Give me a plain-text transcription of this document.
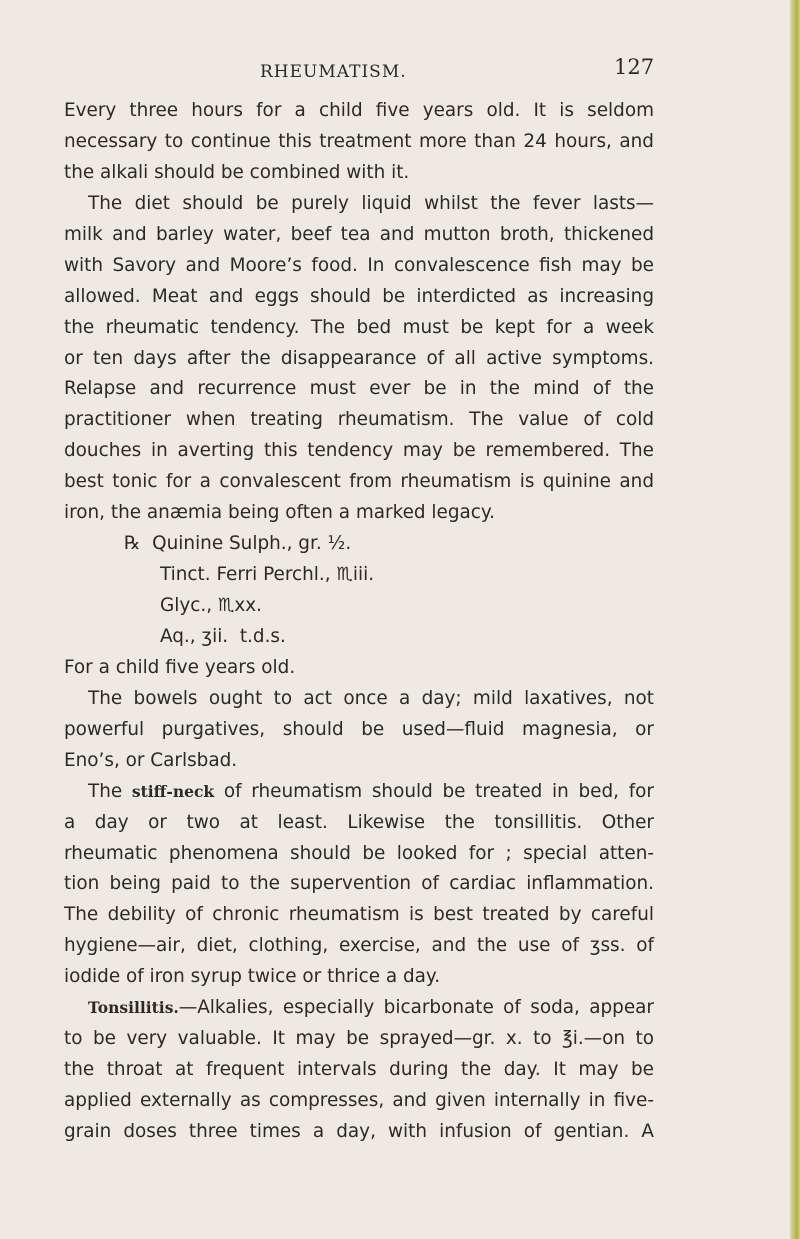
RHEUMATISM.	127
Every three hours for a child five years old. It is seldom
necessary to continue this treatment more than 24 hours, and
the alkali should be combined with it.
The diet should be purely liquid whilst the fever lasts—
milk and barley water, beef tea and mutton broth, thickened
with Savory and Moore’s food. In convalescence fish may be
allowed. Meat and eggs should be interdicted as increasing
the rheumatic tendency. The bed must be kept for a week
or ten days after the disappearance of all active symptoms.
Relapse and recurrence must ever be in the mind of the
practitioner when treating rheumatism. The value of cold
douches in averting this tendency may be remembered. The
best tonic for a convalescent from rheumatism is quinine and
iron, the anæmia being often a marked legacy.
℞  Quinine Sulph., gr. ½.
Tinct. Ferri Perchl., ♏iii.
Glyc., ♏xx.
Aq., ʒii.  t.d.s.
For a child five years old.
The bowels ought to act once a day; mild laxatives, not
powerful purgatives, should be used—fluid magnesia, or
Eno’s, or Carlsbad.
The stiff-neck of rheumatism should be treated in bed, for
a day or two at least. Likewise the tonsillitis. Other
rheumatic phenomena should be looked for ; special atten-
tion being paid to the supervention of cardiac inflammation.
The debility of chronic rheumatism is best treated by careful
hygiene—air, diet, clothing, exercise, and the use of ʒss. of
iodide of iron syrup twice or thrice a day.
Tonsillitis.—Alkalies, especially bicarbonate of soda, appear
to be very valuable. It may be sprayed—gr. x. to ℥i.—on to
the throat at frequent intervals during the day. It may be
applied externally as compresses, and given internally in five-
grain doses three times a day, with infusion of gentian. A
